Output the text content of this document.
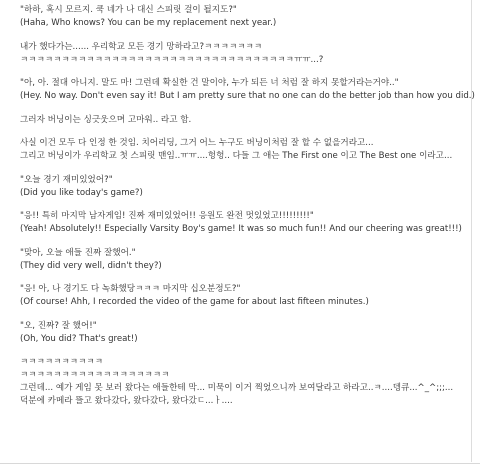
"하하, 혹시 모르지. 쿡 네가 나 대신 스피릿 걸이 될지도?"
(Haha, Who knows? You can be my replacement next year.)
내가 했다가는...... 우리학교 모든 경기 망하라고?ㅋㅋㅋㅋㅋㅋㅋ
ㅋㅋㅋㅋㅋㅋㅋㅋㅋㅋㅋㅋㅋㅋㅋㅋㅋㅋㅋㅋㅋㅋㅋㅋㅋㅋㅋㅋㅋㅋㅋㅋㅋㅠㅠ...?
"아, 아. 절대 아니지. 말도 마! 그런데 확실한 건 말이야, 누가 되든 너 처럼 잘 하지 못할거라는거야.."
(Hey. No way. Don't even say it! But I am pretty sure that no one can do the better job than how you did.)
그러자 버닝이는 싱긋웃으며 고마워.. 라고 함.
사실 이건 모두 다 인정 한 것임. 치어리딩, 그거 어느 누구도 버닝이처럼 잘 할 수 없을거라고...
그리고 버닝이가 우리학교 첫 스피릿 맨임..ㅠㅠ....헝헝.. 다들 그 애는 The First one 이고 The Best one 이라고...
"오늘 경기 재미있었어?"
(Did you like today's game?)
"응!! 특히 마지막 남자게임! 진짜 재미있었어!! 응원도 완전 멋있었고!!!!!!!!!"
(Yeah! Absolutely!! Especially Varsity Boy's game! It was so much fun!! And our cheering was great!!!)
"맞아, 오늘 애들 진짜 잘했어."
(They did very well, didn't they?)
"응! 아, 나 경기도 다 녹화했당ㅋㅋㅋ 마지막 십오분정도?"
(Of course! Ahh, I recorded the video of the game for about last fifteen minutes.)
"오, 진짜? 잘 했어!"
(Oh, You did? That's great!)
ㅋㅋㅋㅋㅋㅋㅋㅋㅋㅋ
ㅋㅋㅋㅋㅋㅋㅋㅋㅋㅋㅋㅋㅋㅋㅋㅋㅋㅋ
그런데... 예가 게임 못 보러 왔다는 애들한테 막... 미묵이 이거 찍었으니까 보여달라고 하라고..ㅋ....뎅큐...^_^;;;...
덕분에 카메라 뜰고 왔다갔다, 왔다갔다, 왔다갔ㄷ...ㅏ....
